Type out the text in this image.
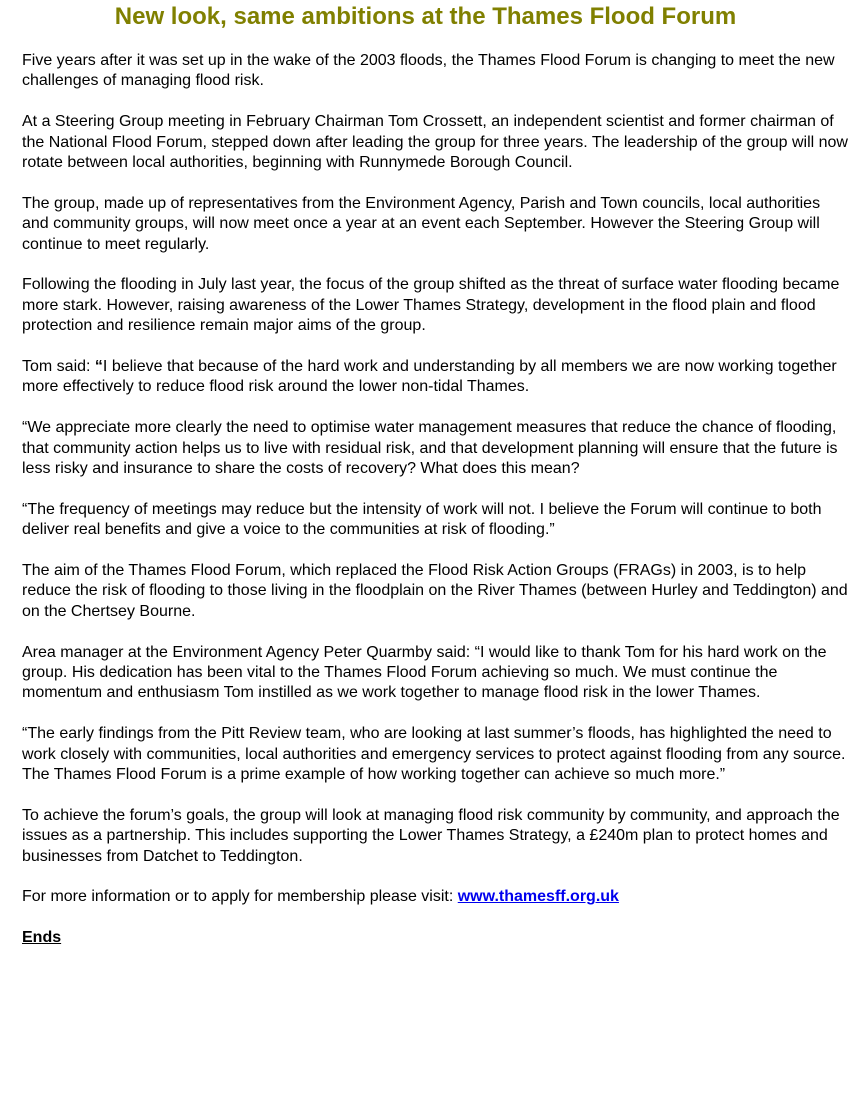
New look, same ambitions at the Thames Flood Forum

Five years after it was set up in the wake of the 2003 floods, the Thames Flood Forum is changing to meet the new challenges of managing flood risk.

At a Steering Group meeting in February Chairman Tom Crossett, an independent scientist and former chairman of the National Flood Forum, stepped down after leading the group for three years. The leadership of the group will now rotate between local authorities, beginning with Runnymede Borough Council.

The group, made up of representatives from the Environment Agency, Parish and Town councils, local authorities and community groups, will now meet once a year at an event each September. However the Steering Group will continue to meet regularly.

Following the flooding in July last year, the focus of the group shifted as the threat of surface water flooding became more stark. However, raising awareness of the Lower Thames Strategy, development in the flood plain and flood protection and resilience remain major aims of the group.

Tom said: “I believe that because of the hard work and understanding by all members we are now working together more effectively to reduce flood risk around the lower non-tidal Thames.

“We appreciate more clearly the need to optimise water management measures that reduce the chance of flooding, that community action helps us to live with residual risk, and that development planning will ensure that the future is less risky and insurance to share the costs of recovery? What does this mean?

“The frequency of meetings may reduce but the intensity of work will not. I believe the Forum will continue to both deliver real benefits and give a voice to the communities at risk of flooding.”

The aim of the Thames Flood Forum, which replaced the Flood Risk Action Groups (FRAGs) in 2003, is to help reduce the risk of flooding to those living in the floodplain on the River Thames (between Hurley and Teddington) and on the Chertsey Bourne.

Area manager at the Environment Agency Peter Quarmby said: “I would like to thank Tom for his hard work on the group. His dedication has been vital to the Thames Flood Forum achieving so much. We must continue the momentum and enthusiasm Tom instilled as we work together to manage flood risk in the lower Thames.

“The early findings from the Pitt Review team, who are looking at last summer’s floods, has highlighted the need to work closely with communities, local authorities and emergency services to protect against flooding from any source. The Thames Flood Forum is a prime example of how working together can achieve so much more.”

To achieve the forum’s goals, the group will look at managing flood risk community by community, and approach the issues as a partnership. This includes supporting the Lower Thames Strategy, a £240m plan to protect homes and businesses from Datchet to Teddington.

For more information or to apply for membership please visit: www.thamesff.org.uk

Ends
